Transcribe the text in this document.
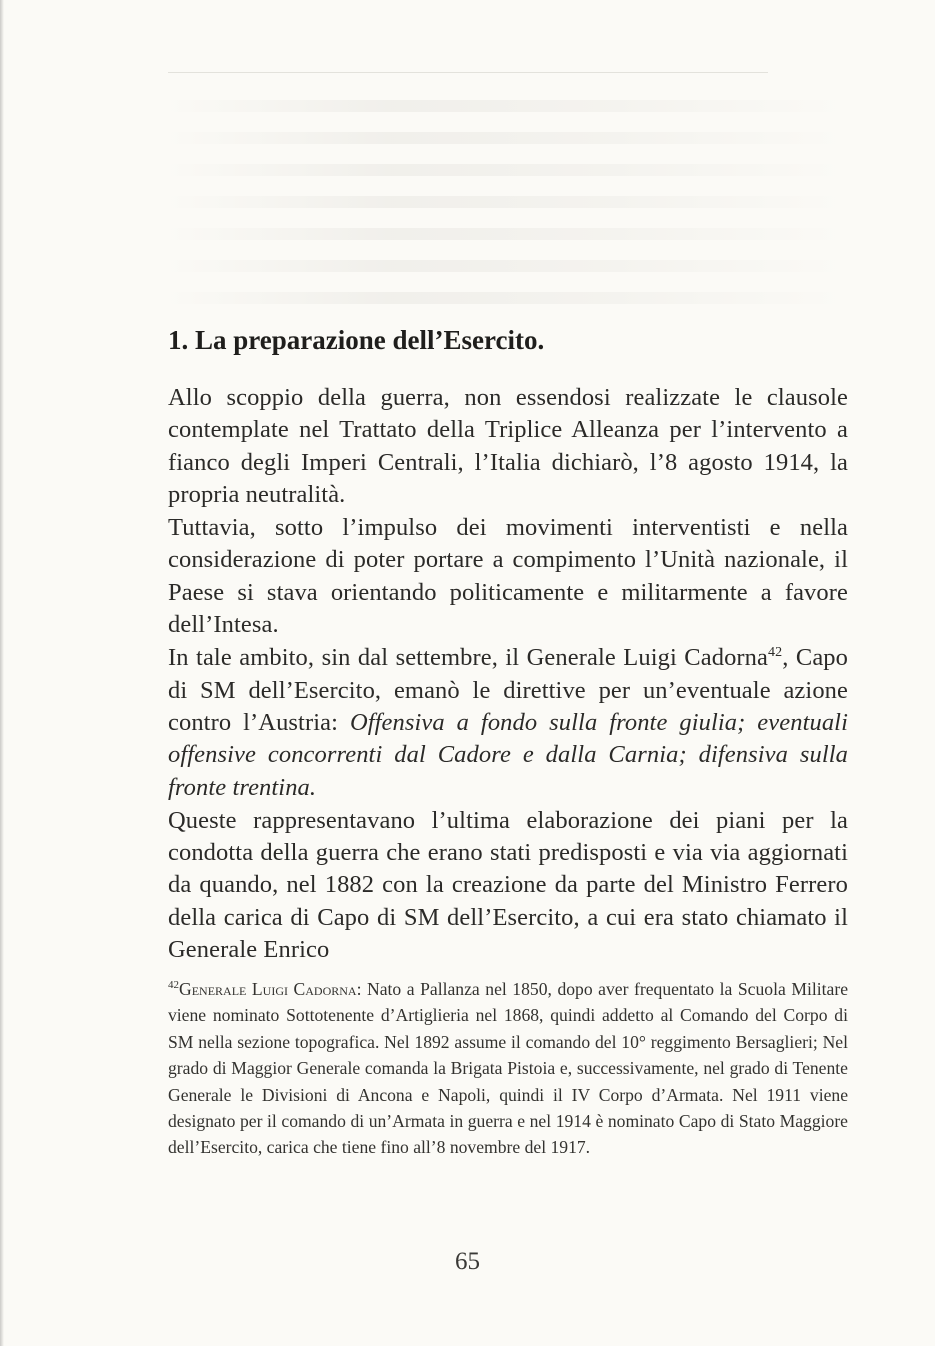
1. La preparazione dell’Esercito.

Allo scoppio della guerra, non essendosi realizzate le clausole contemplate nel Trattato della Triplice Alleanza per l’intervento a fianco degli Imperi Centrali, l’Italia dichiarò, l’8 agosto 1914, la propria neutralità.

Tuttavia, sotto l’impulso dei movimenti interventisti e nella considerazione di poter portare a compimento l’Unità nazionale, il Paese si stava orientando politicamente e militarmente a favore dell’Intesa.

In tale ambito, sin dal settembre, il Generale Luigi Cadorna$^{42}$, Capo di SM dell’Esercito, emanò le direttive per un’eventuale azione contro l’Austria: Offensiva a fondo sulla fronte giulia; eventuali offensive concorrenti dal Cadore e dalla Carnia; difensiva sulla fronte trentina.

Queste rappresentavano l’ultima elaborazione dei piani per la condotta della guerra che erano stati predisposti e via via aggiornati da quando, nel 1882 con la creazione da parte del Ministro Ferrero della carica di Capo di SM dell’Esercito, a cui era stato chiamato il Generale Enrico

$^{42}$Generale Luigi Cadorna: Nato a Pallanza nel 1850, dopo aver frequentato la Scuola Militare viene nominato Sottotenente d’Artiglieria nel 1868, quindi addetto al Comando del Corpo di SM nella sezione topografica. Nel 1892 assume il comando del 10° reggimento Bersaglieri; Nel grado di Maggior Generale comanda la Brigata Pistoia e, successivamente, nel grado di Tenente Generale le Divisioni di Ancona e Napoli, quindi il IV Corpo d’Armata. Nel 1911 viene designato per il comando di un’Armata in guerra e nel 1914 è nominato Capo di Stato Maggiore dell’Esercito, carica che tiene fino all’8 novembre del 1917.
65
